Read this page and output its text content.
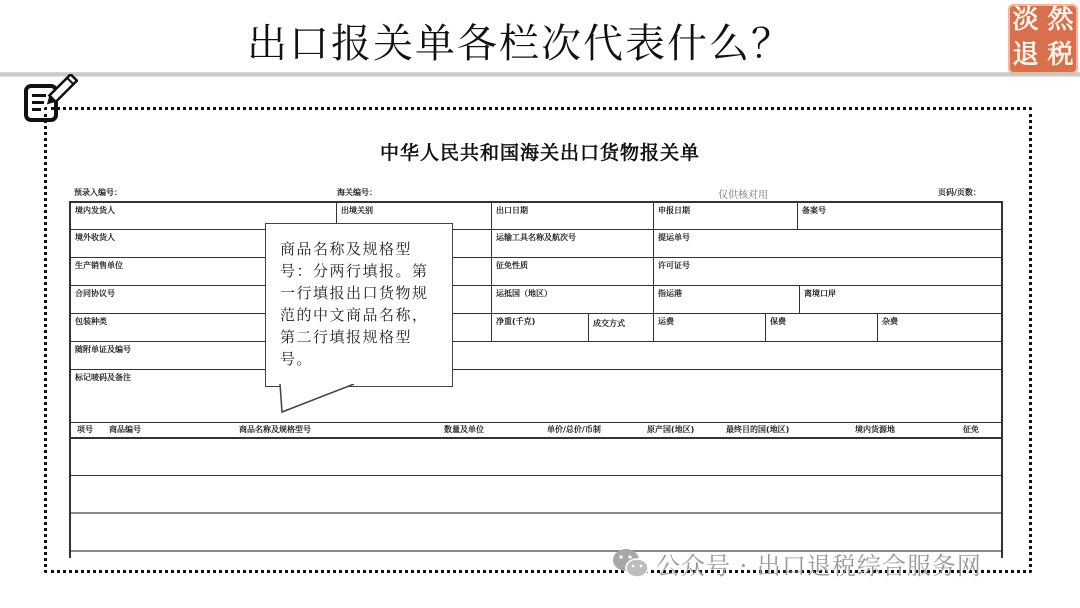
出口报关单各栏次代表什么？
淡 然
退 税
中华人民共和国海关出口货物报关单
预录入编号：	海关编号：	仅供核对用	页码/页数：
境内发货人	出境关别	出口日期	申报日期	备案号
境外收货人	运输工具名称及航次号	提运单号
生产销售单位	征免性质	许可证号
合同协议号	运抵国（地区）	指运港	离境口岸
包装种类	净重(千克)	成交方式	运费	保费	杂费
随附单证及编号
标记唛码及备注
项号 商品编号	商品名称及规格型号	数量及单位	单价/总价/币制	原产国(地区)	最终目的国(地区)	境内货源地	征免
商品名称及规格型号：分两行填报。第一行填报出口货物规范的中文商品名称，第二行填报规格型号。
公众号 · 出口退税综合服务网
